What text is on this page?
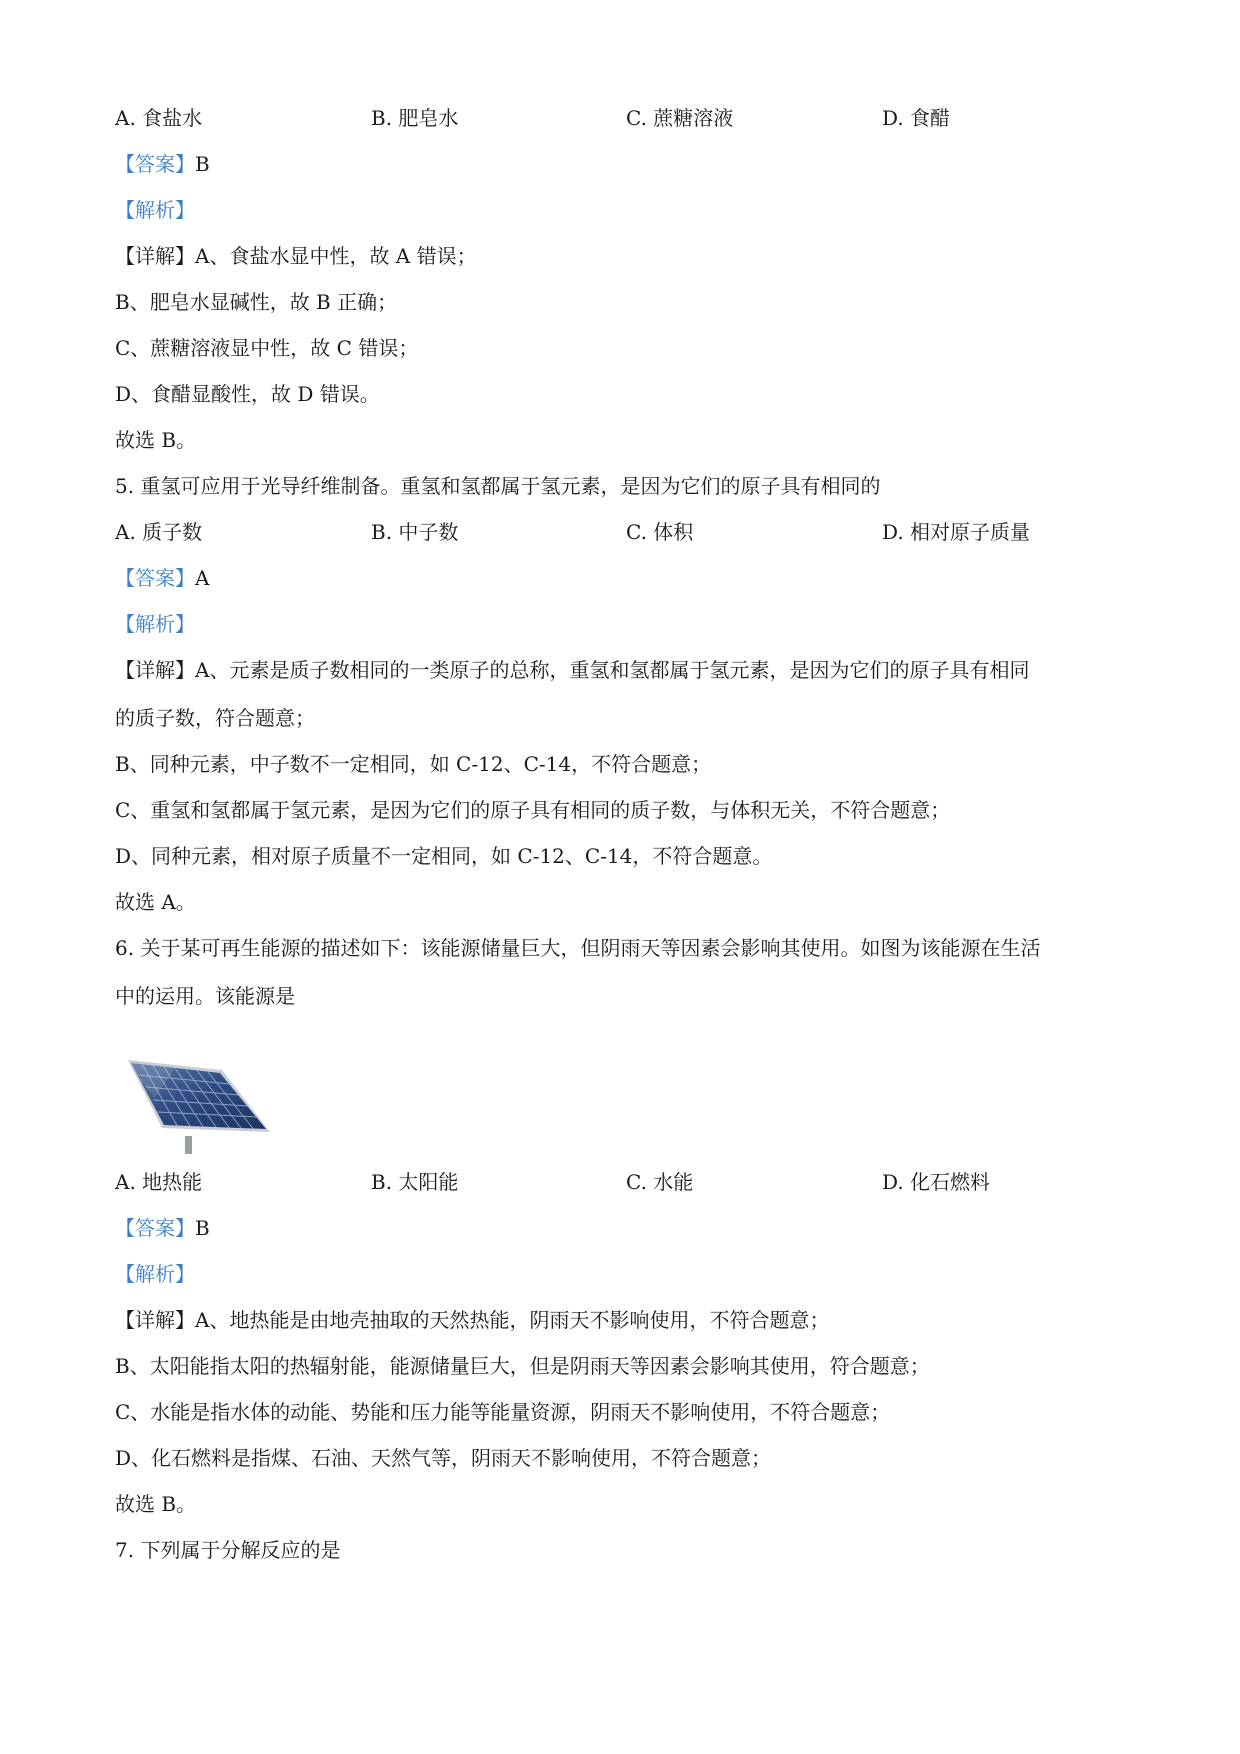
A. 食盐水	B. 肥皂水	C. 蔗糖溶液	D. 食醋
【答案】B
【解析】
【详解】A、食盐水显中性，故 A 错误；
B、肥皂水显碱性，故 B 正确；
C、蔗糖溶液显中性，故 C 错误；
D、食醋显酸性，故 D 错误。
故选 B。
5. 重氢可应用于光导纤维制备。重氢和氢都属于氢元素，是因为它们的原子具有相同的
A. 质子数	B. 中子数	C. 体积	D. 相对原子质量
【答案】A
【解析】
【详解】A、元素是质子数相同的一类原子的总称，重氢和氢都属于氢元素，是因为它们的原子具有相同
的质子数，符合题意；
B、同种元素，中子数不一定相同，如 C-12、C-14，不符合题意；
C、重氢和氢都属于氢元素，是因为它们的原子具有相同的质子数，与体积无关，不符合题意；
D、同种元素，相对原子质量不一定相同，如 C-12、C-14，不符合题意。
故选 A。
6. 关于某可再生能源的描述如下：该能源储量巨大，但阴雨天等因素会影响其使用。如图为该能源在生活
中的运用。该能源是
A. 地热能	B. 太阳能	C. 水能	D. 化石燃料
【答案】B
【解析】
【详解】A、地热能是由地壳抽取的天然热能，阴雨天不影响使用，不符合题意；
B、太阳能指太阳的热辐射能，能源储量巨大，但是阴雨天等因素会影响其使用，符合题意；
C、水能是指水体的动能、势能和压力能等能量资源，阴雨天不影响使用，不符合题意；
D、化石燃料是指煤、石油、天然气等，阴雨天不影响使用，不符合题意；
故选 B。
7. 下列属于分解反应的是
